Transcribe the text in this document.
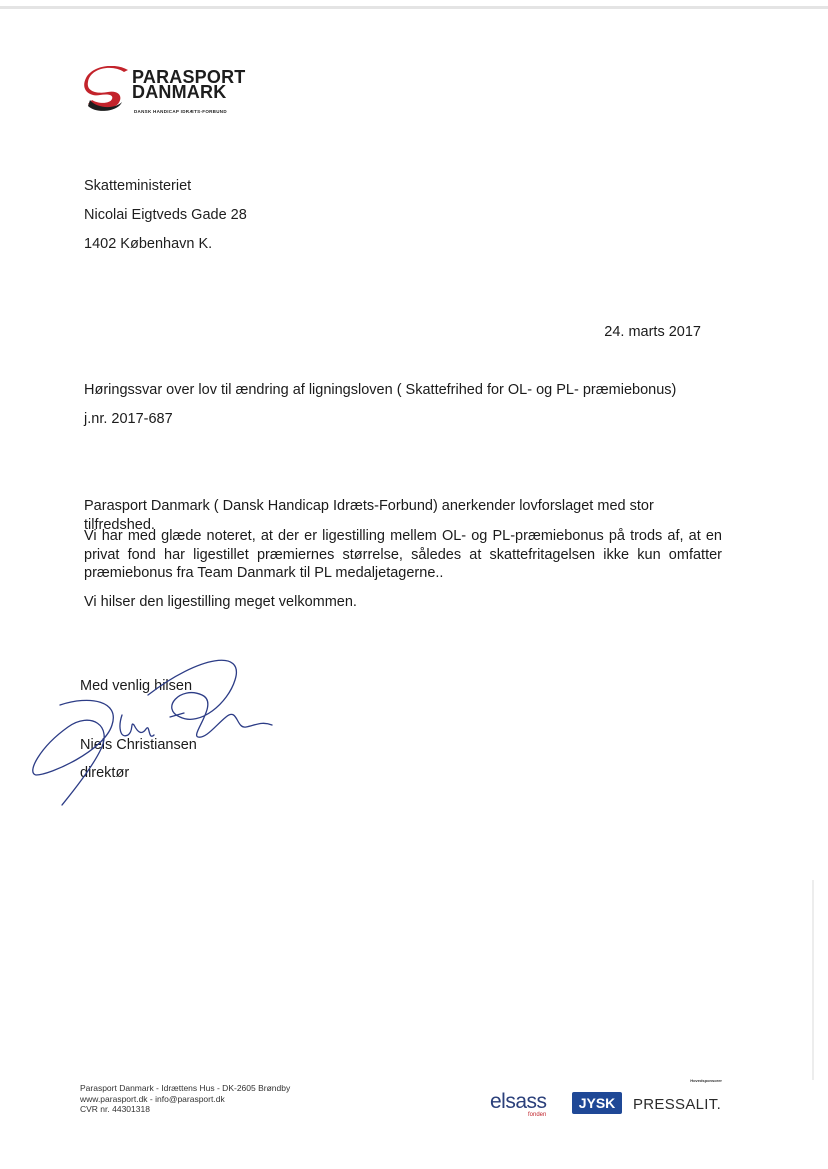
PARASPORT
DANMARK
DANSK HANDICAP IDRÆTS-FORBUND
Skatteministeriet
Nicolai Eigtveds Gade 28
1402 København K.
24. marts 2017
Høringssvar over lov til ændring af ligningsloven ( Skattefrihed for OL- og PL- præmiebonus)
j.nr. 2017-687
Parasport Danmark ( Dansk Handicap Idræts-Forbund) anerkender lovforslaget med stor tilfredshed.
Vi har med glæde noteret, at der er ligestilling mellem OL- og PL-præmiebonus på trods af, at en privat fond har ligestillet præmiernes størrelse, således at skattefritagelsen ikke kun omfatter præmiebonus fra Team Danmark til PL medaljetagerne..
Vi hilser den ligestilling meget velkommen.
Med venlig hilsen
Niels Christiansen
direktør
Parasport Danmark - Idrættens Hus - DK-2605 Brøndby
www.parasport.dk - info@parasport.dk
CVR nr. 44301318
Hovedsponsorer
elsass
fonden
JYSK	PRESSALIT.
